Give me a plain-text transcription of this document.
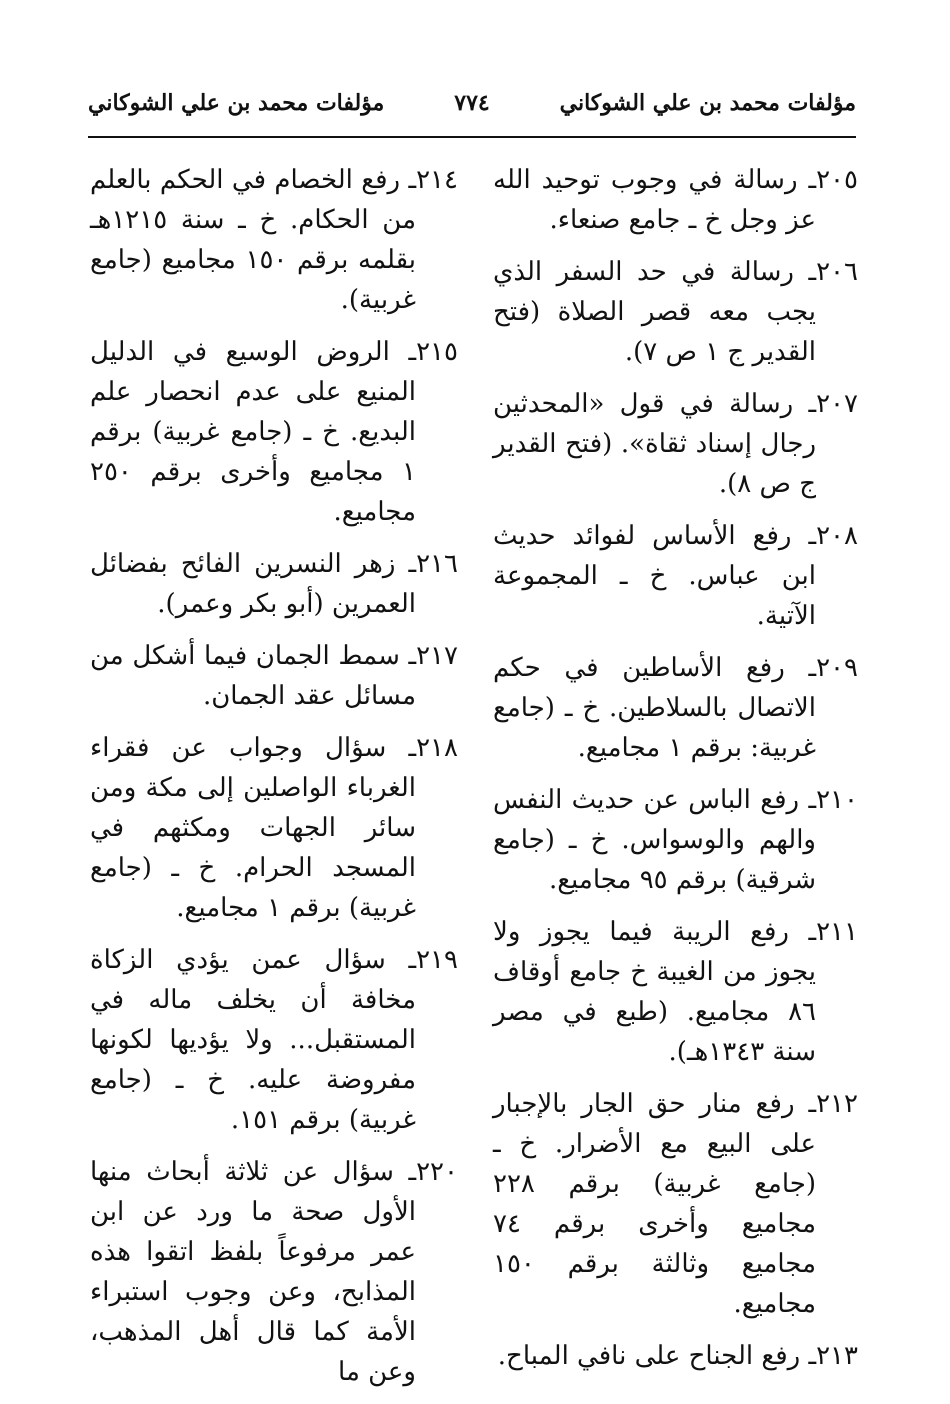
مؤلفات محمد بن علي الشوكاني
٧٧٤
مؤلفات محمد بن علي الشوكاني

٢٠٥ـ رسالة في وجوب توحيد الله عز وجل خ ـ جامع صنعاء.

٢٠٦ـ رسالة في حد السفر الذي يجب معه قصر الصلاة (فتح القدير ج ١ ص ٧).

٢٠٧ـ رسالة في قول «المحدثين رجال إسناد ثقاة». (فتح القدير ج ص ٨).

٢٠٨ـ رفع الأساس لفوائد حديث ابن عباس. خ ـ المجموعة الآتية.

٢٠٩ـ رفع الأساطين في حكم الاتصال بالسلاطين. خ ـ (جامع غربية: برقم ١ مجاميع.

٢١٠ـ رفع الباس عن حديث النفس والهم والوسواس. خ ـ (جامع شرقية) برقم ٩٥ مجاميع.

٢١١ـ رفع الريبة فيما يجوز ولا يجوز من الغيبة خ جامع أوقاف ٨٦ مجاميع. (طبع في مصر سنة ١٣٤٣هـ).

٢١٢ـ رفع منار حق الجار بالإجبار على البيع مع الأضرار. خ ـ (جامع غربية) برقم ٢٢٨ مجاميع وأخرى برقم ٧٤ مجاميع وثالثة برقم ١٥٠ مجاميع.

٢١٣ـ رفع الجناح على نافي المباح.

٢١٤ـ رفع الخصام في الحكم بالعلم من الحكام. خ ـ سنة ١٢١٥هـ بقلمه برقم ١٥٠ مجاميع (جامع غربية).

٢١٥ـ الروض الوسيع في الدليل المنيع على عدم انحصار علم البديع. خ ـ (جامع غربية) برقم ١ مجاميع وأخرى برقم ٢٥٠ مجاميع.

٢١٦ـ زهر النسرين الفائح بفضائل العمرين (أبو بكر وعمر).

٢١٧ـ سمط الجمان فيما أشكل من مسائل عقد الجمان.

٢١٨ـ سؤال وجواب عن فقراء الغرباء الواصلين إلى مكة ومن سائر الجهات ومكثهم في المسجد الحرام. خ ـ (جامع غربية) برقم ١ مجاميع.

٢١٩ـ سؤال عمن يؤدي الزكاة مخافة أن يخلف ماله في المستقبل... ولا يؤديها لكونها مفروضة عليه. خ ـ (جامع غربية) برقم ١٥١.

٢٢٠ـ سؤال عن ثلاثة أبحاث منها الأول صحة ما ورد عن ابن عمر مرفوعاً بلفظ اتقوا هذه المذابح، وعن وجوب استبراء الأمة كما قال أهل المذهب، وعن ما
